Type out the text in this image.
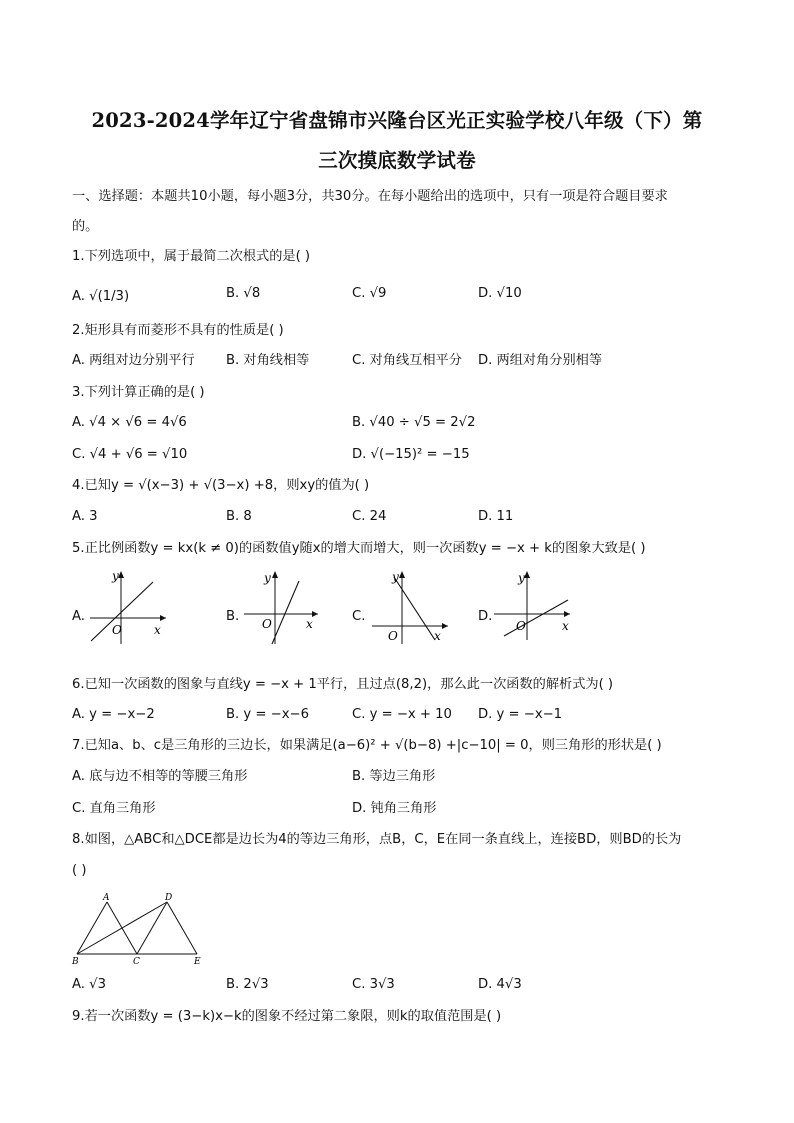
2023-2024学年辽宁省盘锦市兴隆台区光正实验学校八年级（下）第
三次摸底数学试卷
一、选择题：本题共10小题，每小题3分，共30分。在每小题给出的选项中，只有一项是符合题目要求
的。
1.下列选项中，属于最简二次根式的是( )
A. √(1/3)	B. √8	C. √9	D. √10
2.矩形具有而菱形不具有的性质是( )
A. 两组对边分别平行 B. 对角线相等	C. 对角线互相平分 D. 两组对角分别相等
3.下列计算正确的是( )
A. √4 × √6 = 4√6	B. √40 ÷ √5 = 2√2
C. √4 + √6 = √10	D. √(−15)² = −15
4.已知y = √(x−3) + √(3−x) +8，则xy的值为( )
A. 3	B. 8	C. 24	D. 11
5.正比例函数y = kx(k ≠ 0)的函数值y随x的增大而增大，则一次函数y = −x + k的图象大致是( )
A.	B.	C.	D.
y
x
O
y
x
O
y
x
O
y
x
O
6.已知一次函数的图象与直线y = −x + 1平行，且过点(8,2)，那么此一次函数的解析式为( )
A. y = −x−2	B. y = −x−6	C. y = −x + 10 D. y = −x−1
7.已知a、b、c是三角形的三边长，如果满足(a−6)² + √(b−8) +|c−10| = 0，则三角形的形状是( )
A. 底与边不相等的等腰三角形	B. 等边三角形
C. 直角三角形	D. 钝角三角形
8.如图，△ABC和△DCE都是边长为4的等边三角形，点B，C，E在同一条直线上，连接BD，则BD的长为
( )
A	D
B	C	E
A. √3	B. 2√3	C. 3√3	D. 4√3
9.若一次函数y = (3−k)x−k的图象不经过第二象限，则k的取值范围是( )
